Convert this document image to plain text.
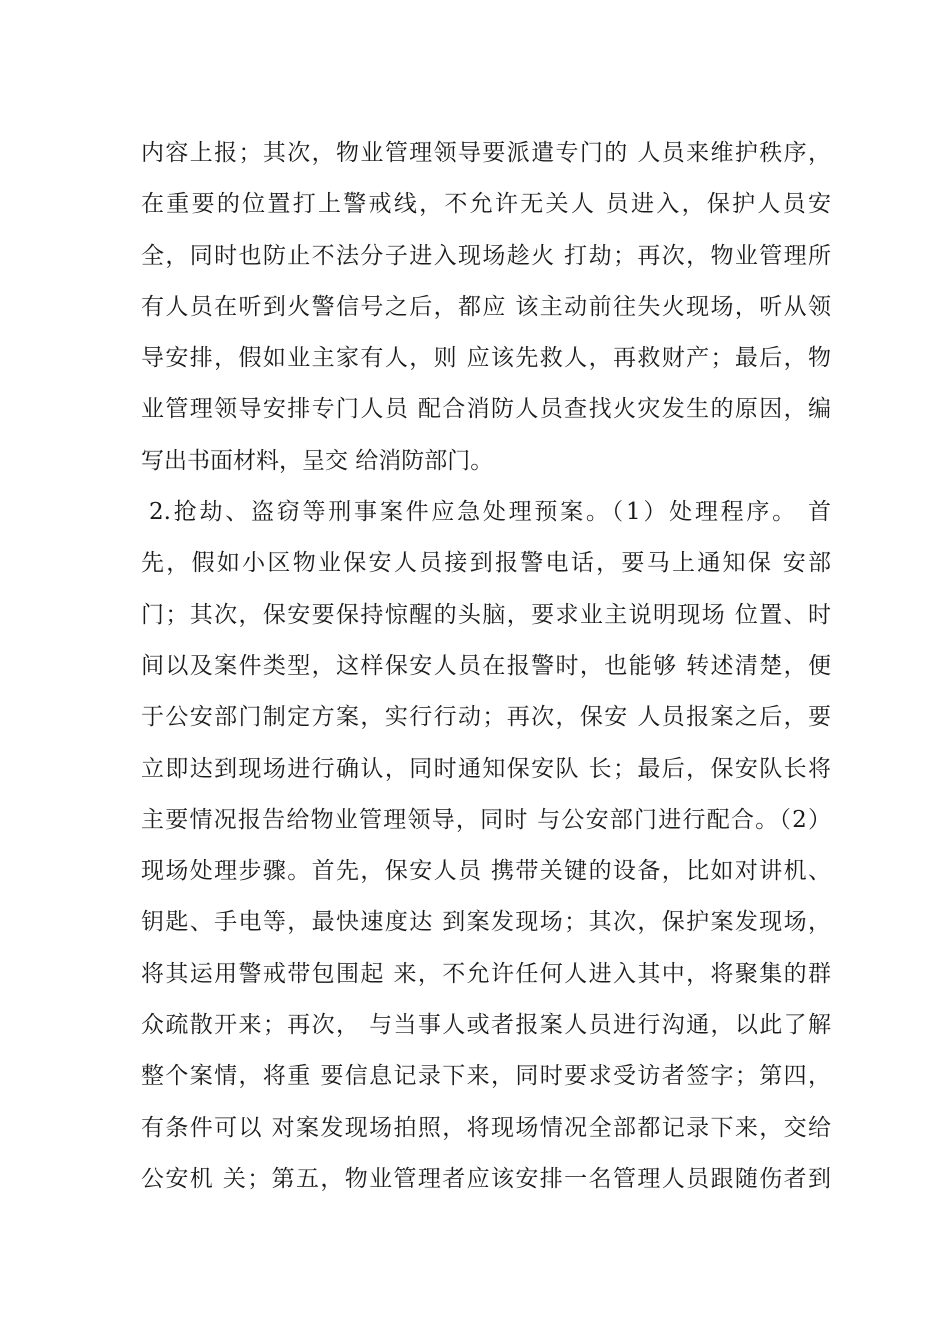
内容上报；其次，物业管理领导要派遣专门的 人员来维护秩序，
在重要的位置打上警戒线，不允许无关人 员进入，保护人员安
全，同时也防止不法分子进入现场趁火 打劫；再次，物业管理所
有人员在听到火警信号之后，都应 该主动前往失火现场，听从领
导安排，假如业主家有人，则 应该先救人，再救财产；最后，物
业管理领导安排专门人员 配合消防人员查找火灾发生的原因，编
写出书面材料，呈交 给消防部门。
2.抢劫、盗窃等刑事案件应急处理预案。（1）处理程序。 首
先，假如小区物业保安人员接到报警电话，要马上通知保 安部
门；其次，保安要保持惊醒的头脑，要求业主说明现场 位置、时
间以及案件类型，这样保安人员在报警时，也能够 转述清楚，便
于公安部门制定方案，实行行动；再次，保安 人员报案之后，要
立即达到现场进行确认，同时通知保安队 长；最后，保安队长将
主要情况报告给物业管理领导，同时 与公安部门进行配合。（2）
现场处理步骤。首先，保安人员 携带关键的设备，比如对讲机、
钥匙、手电等，最快速度达 到案发现场；其次，保护案发现场，
将其运用警戒带包围起 来，不允许任何人进入其中，将聚集的群
众疏散开来；再次， 与当事人或者报案人员进行沟通，以此了解
整个案情，将重 要信息记录下来，同时要求受访者签字；第四，
有条件可以 对案发现场拍照，将现场情况全部都记录下来，交给
公安机 关；第五，物业管理者应该安排一名管理人员跟随伤者到
